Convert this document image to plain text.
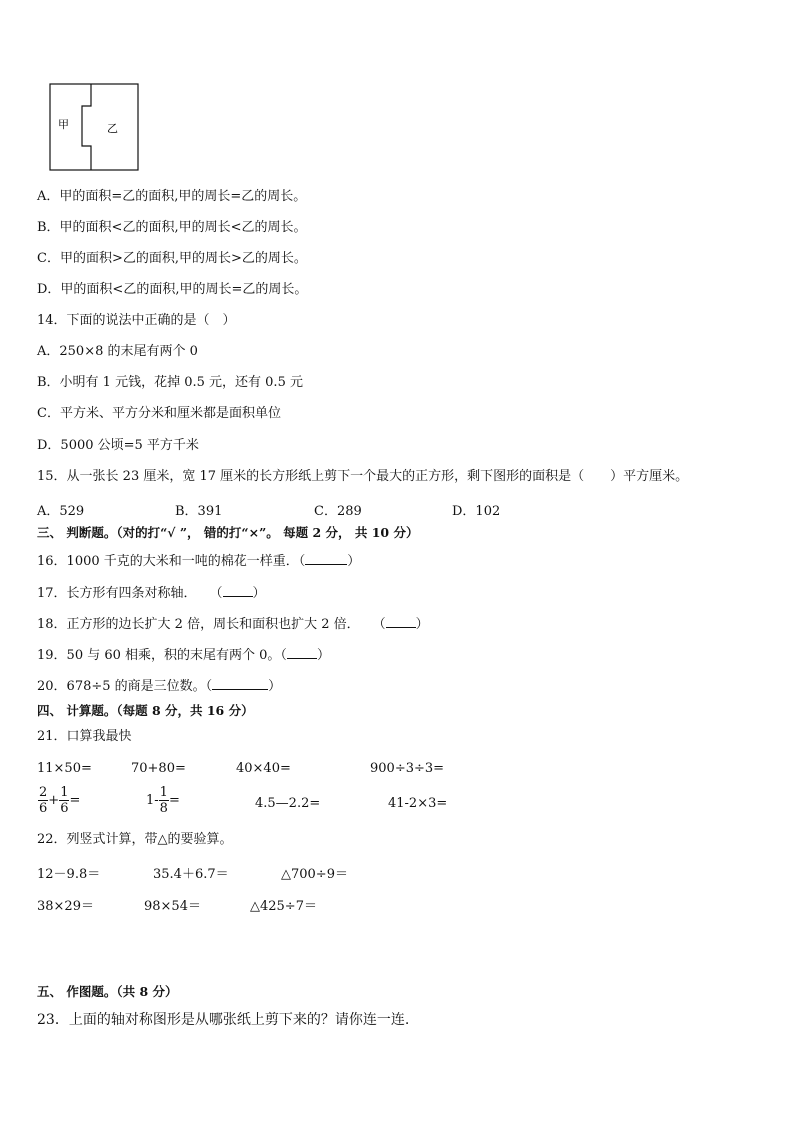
甲	乙
A．甲的面积=乙的面积,甲的周长=乙的周长。
B．甲的面积<乙的面积,甲的周长<乙的周长。
C．甲的面积>乙的面积,甲的周长>乙的周长。
D．甲的面积<乙的面积,甲的周长=乙的周长。
14．下面的说法中正确的是（　）
A．250×8 的末尾有两个 0
B．小明有 1 元钱，花掉 0.5 元，还有 0.5 元
C．平方米、平方分米和厘米都是面积单位
D．5000 公顷=5 平方千米
15．从一张长 23 厘米，宽 17 厘米的长方形纸上剪下一个最大的正方形，剩下图形的面积是（　　）平方厘米。
A．529	B．391	C．289	D．102
三、 判断题。（对的打“√ ”， 错的打“×”。 每题 2 分， 共 10 分）
16．1000 千克的大米和一吨的棉花一样重．（	）
17．长方形有四条对称轴．　　（ ）
18．正方形的边长扩大 2 倍，周长和面积也扩大 2 倍．　　（ ）
19．50 与 60 相乘，积的末尾有两个 0。（ ）
20．678÷5 的商是三位数。（	）
四、 计算题。（每题 8 分，共 16 分）
21．口算我最快
11×50=	70+80=	40×40=	900÷3÷3=
$\frac{2}{6} + \frac{1}{6}$ =	$1- \frac{1}{8}$ =	4.5—2.2=	41-2×3=
22．列竖式计算，带△的要验算。
12－9.8＝	35.4＋6.7＝	△700÷9＝
38×29＝	98×54＝	△425÷7＝
五、 作图题。（共 8 分）
23．上面的轴对称图形是从哪张纸上剪下来的？请你连一连.
